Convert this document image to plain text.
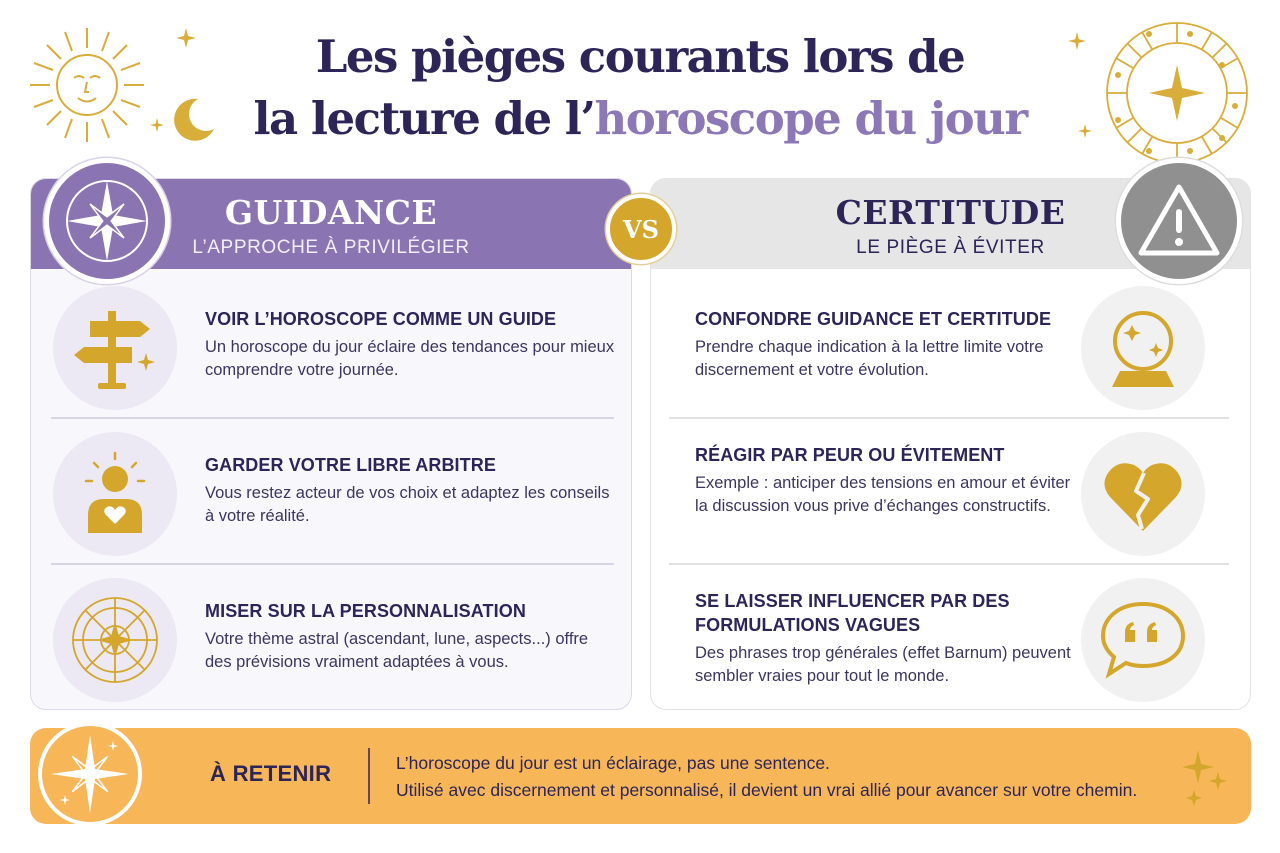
Les pièges courants lors de
la lecture de l’horoscope du jour
GUIDANCE
L’APPROCHE À PRIVILÉGIER
VOIR L’HOROSCOPE COMME UN GUIDE

Un horoscope du jour éclaire des tendances pour mieux comprendre votre journée.

GARDER VOTRE LIBRE ARBITRE

Vous restez acteur de vos choix et adaptez les conseils à votre réalité.

MISER SUR LA PERSONNALISATION

Votre thème astral (ascendant, lune, aspects...) offre des prévisions vraiment adaptées à vous.

CERTITUDE
LE PIÈGE À ÉVITER
CONFONDRE GUIDANCE ET CERTITUDE

Prendre chaque indication à la lettre limite votre discernement et votre évolution.

RÉAGIR PAR PEUR OU ÉVITEMENT

Exemple : anticiper des tensions en amour et éviter la discussion vous prive d’échanges constructifs.

SE LAISSER INFLUENCER PAR DES FORMULATIONS VAGUES

Des phrases trop générales (effet Barnum) peuvent sembler vraies pour tout le monde.

VS
À RETENIR	L’horoscope du jour est un éclairage, pas une sentence.
Utilisé avec discernement et personnalisé, il devient un vrai allié pour avancer sur votre chemin.
